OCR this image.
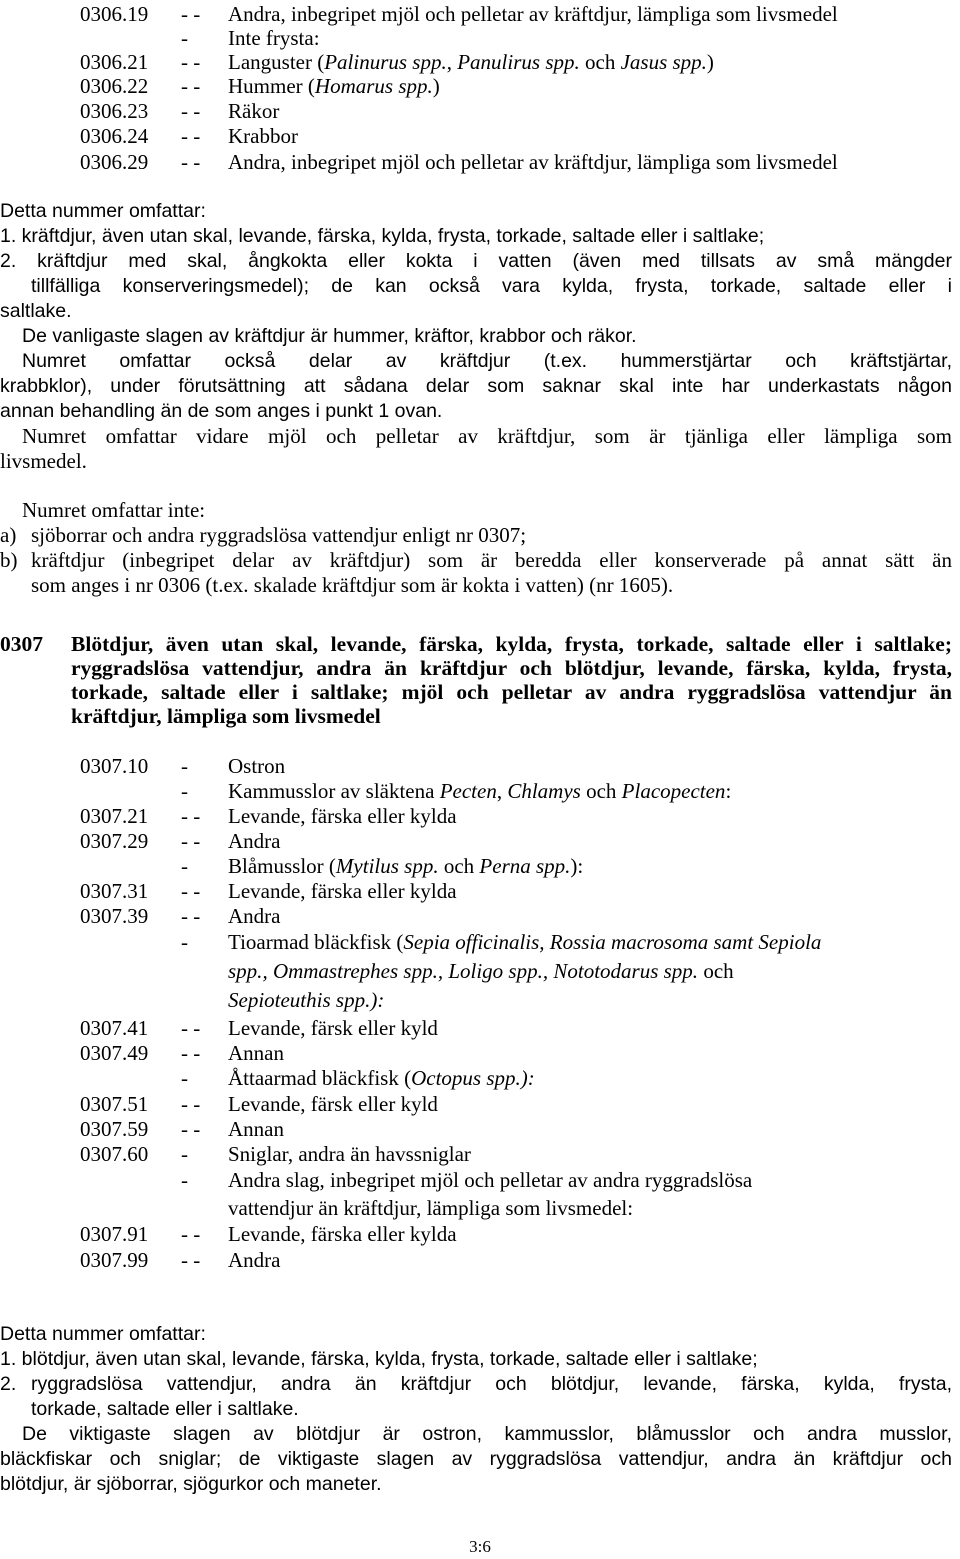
0306.19 - - Andra, inbegripet mjöl och pelletar av kräftdjur, lämpliga som livsmedel
- Inte frysta:
0306.21 - - Languster (Palinurus spp., Panulirus spp. och Jasus spp.)
0306.22 - - Hummer (Homarus spp.)
0306.23 - - Räkor
0306.24 - - Krabbor
0306.29 - - Andra, inbegripet mjöl och pelletar av kräftdjur, lämpliga som livsmedel
Detta nummer omfattar:
1. kräftdjur, även utan skal, levande, färska, kylda, frysta, torkade, saltade eller i saltlake;
2. kräftdjur med skal, ångkokta eller kokta i vatten (även med tillsats av små mängder
tillfälliga konserveringsmedel); de kan också vara kylda, frysta, torkade, saltade eller i
saltlake.
De vanligaste slagen av kräftdjur är hummer, kräftor, krabbor och räkor.
Numret omfattar också delar av kräftdjur (t.ex. hummerstjärtar och kräftstjärtar,
krabbklor), under förutsättning att sådana delar som saknar skal inte har underkastats någon
annan behandling än de som anges i punkt 1 ovan.
Numret omfattar vidare mjöl och pelletar av kräftdjur, som är tjänliga eller lämpliga som
livsmedel.
Numret omfattar inte:
a) sjöborrar och andra ryggradslösa vattendjur enligt nr 0307;
b) kräftdjur (inbegripet delar av kräftdjur) som är beredda eller konserverade på annat sätt än
som anges i nr 0306 (t.ex. skalade kräftdjur som är kokta i vatten) (nr 1605).
0307 Blötdjur, även utan skal, levande, färska, kylda, frysta, torkade, saltade eller i saltlake; ryggradslösa vattendjur, andra än kräftdjur och blötdjur, levande, färska, kylda, frysta, torkade, saltade eller i saltlake; mjöl och pelletar av andra ryggradslösa vattendjur än kräftdjur, lämpliga som livsmedel
0307.10 - Ostron
- Kammusslor av släktena Pecten, Chlamys och Placopecten:
0307.21 - - Levande, färska eller kylda
0307.29 - - Andra
- Blåmusslor (Mytilus spp. och Perna spp.):
0307.31 - - Levande, färska eller kylda
0307.39 - - Andra
- Tioarmad bläckfisk (Sepia officinalis, Rossia macrosoma samt Sepiola
spp., Ommastrephes spp., Loligo spp., Nototodarus spp. och
Sepioteuthis spp.):
0307.41 - - Levande, färsk eller kyld
0307.49 - - Annan
- Åttaarmad bläckfisk (Octopus spp.):
0307.51 - - Levande, färsk eller kyld
0307.59 - - Annan
0307.60 - Sniglar, andra än havssniglar
- Andra slag, inbegripet mjöl och pelletar av andra ryggradslösa
vattendjur än kräftdjur, lämpliga som livsmedel:
0307.91 - - Levande, färska eller kylda
0307.99 - - Andra
Detta nummer omfattar:
1. blötdjur, även utan skal, levande, färska, kylda, frysta, torkade, saltade eller i saltlake;
2. ryggradslösa vattendjur, andra än kräftdjur och blötdjur, levande, färska, kylda, frysta,
torkade, saltade eller i saltlake.
De viktigaste slagen av blötdjur är ostron, kammusslor, blåmusslor och andra musslor,
bläckfiskar och sniglar; de viktigaste slagen av ryggradslösa vattendjur, andra än kräftdjur och
blötdjur, är sjöborrar, sjögurkor och maneter.
3:6
